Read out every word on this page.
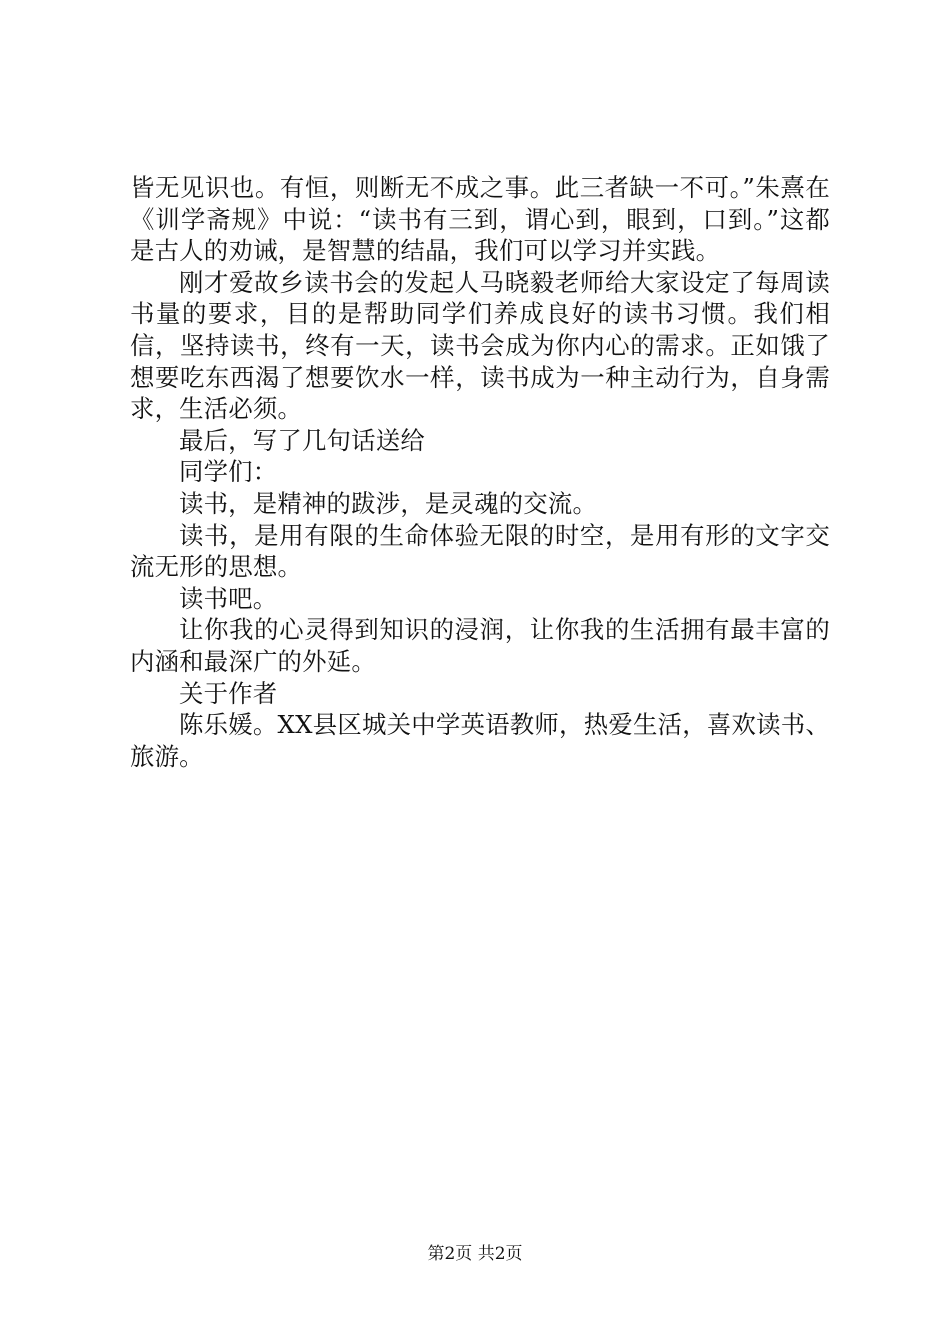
皆无见识也。有恒，则断无不成之事。此三者缺一不可。”朱熹在《训学斋规》中说：“读书有三到，谓心到，眼到，口到。”这都是古人的劝诫，是智慧的结晶，我们可以学习并实践。

刚才爱故乡读书会的发起人马晓毅老师给大家设定了每周读书量的要求，目的是帮助同学们养成良好的读书习惯。我们相信，坚持读书，终有一天，读书会成为你内心的需求。正如饿了想要吃东西渴了想要饮水一样，读书成为一种主动行为，自身需求，生活必须。

最后，写了几句话送给

同学们：

读书，是精神的跋涉，是灵魂的交流。

读书，是用有限的生命体验无限的时空，是用有形的文字交流无形的思想。

读书吧。

让你我的心灵得到知识的浸润，让你我的生活拥有最丰富的内涵和最深广的外延。

关于作者

陈乐媛。XX县区城关中学英语教师，热爱生活，喜欢读书、旅游。

第2页 共2页
